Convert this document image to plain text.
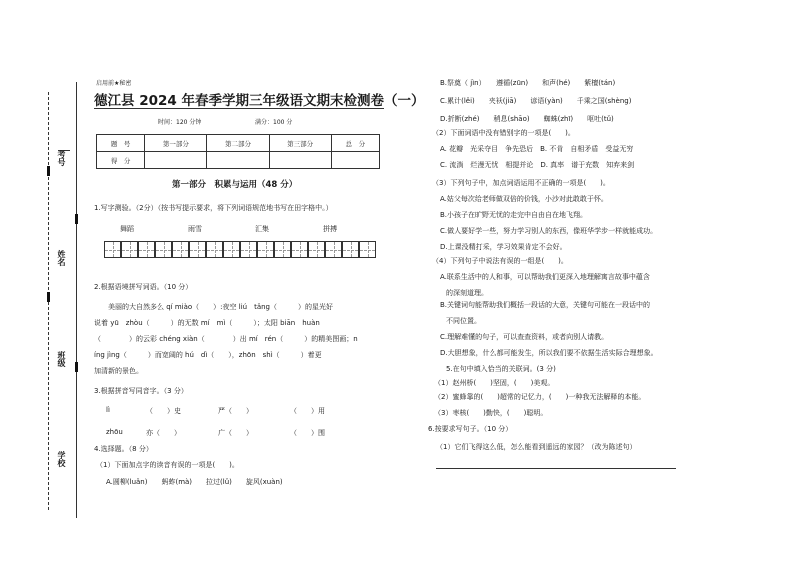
考号
姓名
班级
学校
启用前★秘密
德江县 2024 年春季学期三年级语文期末检测卷（一）
时间：120 分钟	满分：100 分
题　号	第一部分	第二部分	第三部分	总　分
得　分				
第一部分　积累与运用（48 分）
1.写字测验。（2分）（按书写提示要求，将下列词语规范地书写在田字格中。）
舞蹈	雨雪	汇集	拼搏
2.根据语境拼写词语。（10 分）
美丽的大自然多么 qí miào（　　）:夜空 liú　tǎng（　　　）的星光好
说着 yū　zhòu（　　　）的无数 mí　mì（　　　）；太阳 biān　huàn
（　　　　）的云彩 chéng xiàn（　　　　）出 mí　rén（　　　）的精美图画；n
íng jìng（　　　）而宽阔的 hú　dì（　　），zhōn　shì（　　　）着更
加清新的景色。
3.根据拼音写同音字。（3 分）
lì	（　　）史	严（　　）	（　　）用
zhōu	亦（　　）	广（　　）	（　　）围
4.选择题。（8 分）
（1）下面加点字的读音有误的一项是(　　)。
A.圆柳(luǎn)　　蚂蚱(mà)　　拉过(lǔ)　　旋风(xuàn)
B.祭奠（ jìn）　　遵循(zūn)　　和声(hé)　　紫檀(tán)
C.累计(lěi)　　夹袄(jiā)　　谚语(yàn)　　千乘之国(shèng)
D.折断(zhé)　　稍息(shāo)　　蜘蛛(zhī)　　呕吐(tǔ)
（2）下面词语中没有错别字的一项是(　　)。
A. 花瓣　光采夺目　争先恐后　B. 不肯　自相矛盾　受益无穷
C. 流淌　烂漫无忧　相提并论　D. 真率　谱于充数　知弃来剑
（3）下列句子中，加点词语运用不正确的一项是(　　)。
A.姑父每次给老师做双倍的价钱，小沙对此敢敢于怀。
B.小孩子在旷野无忧的走完中自由自在地飞翔。
C.做人要好学一些，努力学习别人的东西，像班华学步一样就能成功。
D.上课没精打采，学习效果肯定不会好。
（4）下列句子中说法有误的一组是(　　)。
A.联系生活中的人和事，可以帮助我们更深入地理解寓言故事中蕴含
的深刻道理。
B.关键词句能帮助我们概括一段话的大意，关键句可能在一段话中的
不同位置。
C.理解难懂的句子，可以查查资料，或者向别人请教。
D.大胆想象，什么都可能发生，所以我们要不依据生活实际合理想象。
5.在句中填入恰当的关联词。(3 分)
（1）赵州桥(　　)坚固，(　　)美观。
（2）蜜蜂靠的(　　)超常的记忆力，(　　)一种我无法解释的本能。
（3）枣核(　　)勤快，(　　)聪明。
6.按要求写句子。（10 分）
（1）它们飞得这么低，怎么能看到遥远的家园？（改为陈述句）
